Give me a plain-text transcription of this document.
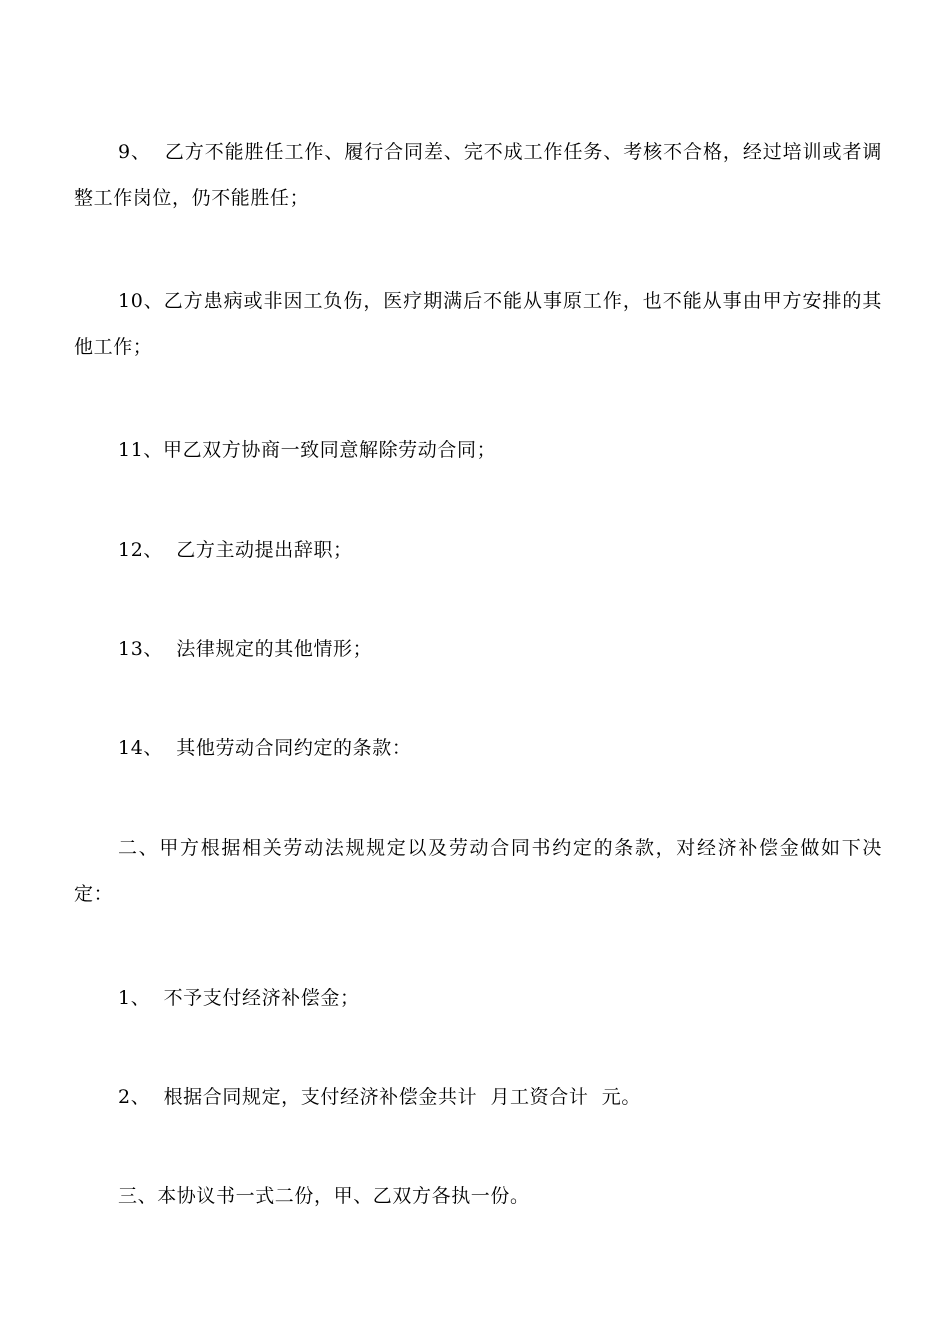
9、  乙方不能胜任工作、履行合同差、完不成工作任务、考核不合格，经过培训或者调整工作岗位，仍不能胜任；

10、乙方患病或非因工负伤，医疗期满后不能从事原工作，也不能从事由甲方安排的其他工作；

11、甲乙双方协商一致同意解除劳动合同；

12、  乙方主动提出辞职；

13、  法律规定的其他情形；

14、  其他劳动合同约定的条款：

二、甲方根据相关劳动法规规定以及劳动合同书约定的条款，对经济补偿金做如下决定：

1、  不予支付经济补偿金；

2、  根据合同规定，支付经济补偿金共计  月工资合计  元。

三、本协议书一式二份，甲、乙双方各执一份。
